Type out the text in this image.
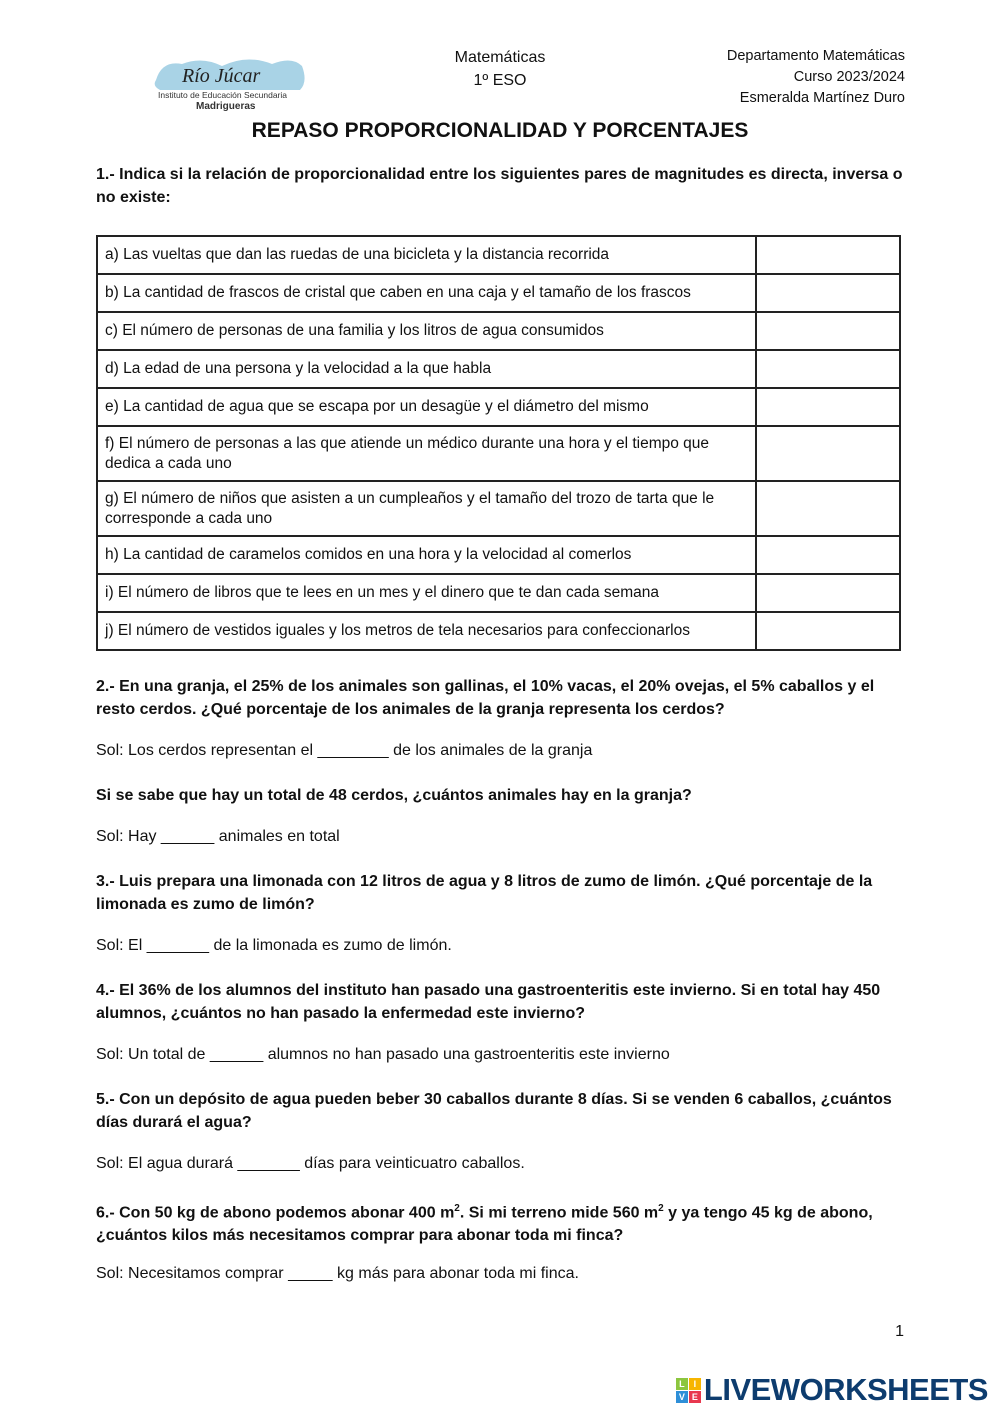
Río Júcar
Instituto de Educación Secundaria
Madrigueras
Matemáticas
1º ESO
Departamento Matemáticas
Curso 2023/2024
Esmeralda Martínez Duro
REPASO PROPORCIONALIDAD Y PORCENTAJES
1.- Indica si la relación de proporcionalidad entre los siguientes pares de magnitudes es directa, inversa o no existe:
a) Las vueltas que dan las ruedas de una bicicleta y la distancia recorrida	
b) La cantidad de frascos de cristal que caben en una caja y el tamaño de los frascos	
c) El número de personas de una familia y los litros de agua consumidos	
d) La edad de una persona y la velocidad a la que habla	
e) La cantidad de agua que se escapa por un desagüe y el diámetro del mismo	
f) El número de personas a las que atiende un médico durante una hora y el tiempo que dedica a cada uno	
g) El número de niños que asisten a un cumpleaños y el tamaño del trozo de tarta que le corresponde a cada uno	
h) La cantidad de caramelos comidos en una hora y la velocidad al comerlos	
i) El número de libros que te lees en un mes y el dinero que te dan cada semana	
j) El número de vestidos iguales y los metros de tela necesarios para confeccionarlos	
2.- En una granja, el 25% de los animales son gallinas, el 10% vacas, el 20% ovejas, el 5% caballos y el resto cerdos. ¿Qué porcentaje de los animales de la granja representa los cerdos?
Sol: Los cerdos representan el ________ de los animales de la granja
Si se sabe que hay un total de 48 cerdos, ¿cuántos animales hay en la granja?
Sol: Hay ______ animales en total
3.- Luis prepara una limonada con 12 litros de agua y 8 litros de zumo de limón. ¿Qué porcentaje de la limonada es zumo de limón?
Sol: El _______ de la limonada es zumo de limón.
4.- El 36% de los alumnos del instituto han pasado una gastroenteritis este invierno. Si en total hay 450 alumnos, ¿cuántos no han pasado la enfermedad este invierno?
Sol: Un total de ______ alumnos no han pasado una gastroenteritis este invierno
5.- Con un depósito de agua pueden beber 30 caballos durante 8 días. Si se venden 6 caballos, ¿cuántos días durará el agua?
Sol: El agua durará _______ días para veinticuatro caballos.
6.- Con 50 kg de abono podemos abonar 400 $m^2$. Si mi terreno mide 560 $m^2$ y ya tengo 45 kg de abono, ¿cuántos kilos más necesitamos comprar para abonar toda mi finca?
Sol: Necesitamos comprar _____ kg más para abonar toda mi finca.
1
L I
V E LIVEWORKSHEETS
